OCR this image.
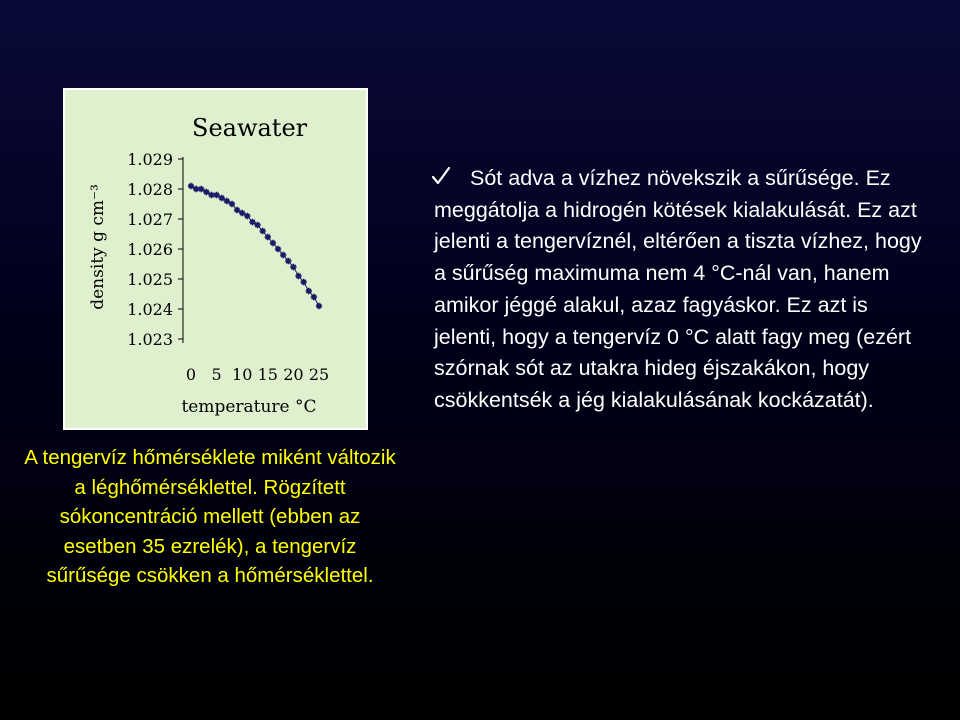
Seawater
density g cm⁻³
temperature °C
1.029
1.028
1.027
1.026
1.025
1.024
1.023
0 5 10 15 20 25
A tengervíz hőmérséklete miként változik a léghőmérséklettel. Rögzített sókoncentráció mellett (ebben az esetben 35 ezrelék), a tengervíz sűrűsége csökken a hőmérséklettel.

Sót adva a vízhez növekszik a sűrűsége. Ez meggátolja a hidrogén kötések kialakulását. Ez azt jelenti a tengervíznél, eltérően a tiszta vízhez, hogy a sűrűség maximuma nem 4 °C-nál van, hanem amikor jéggé alakul, azaz fagyáskor. Ez azt is jelenti, hogy a tengervíz 0 °C alatt fagy meg (ezért szórnak sót az utakra hideg éjszakákon, hogy csökkentsék a jég kialakulásának kockázatát).
